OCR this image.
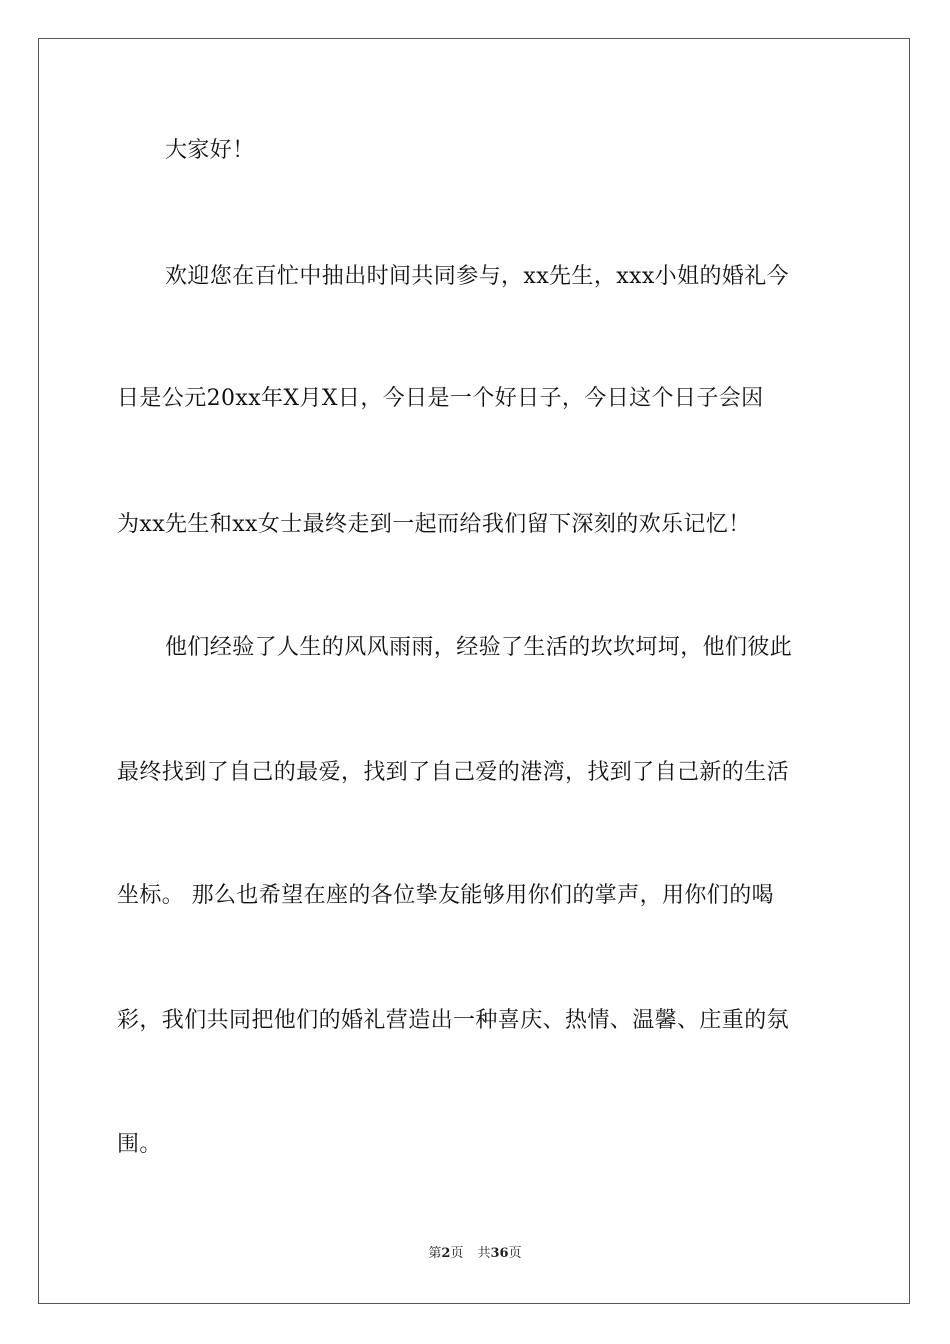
大家好！
欢迎您在百忙中抽出时间共同参与，xx先生，xxx小姐的婚礼今
日是公元20xx年X月X日，今日是一个好日子，今日这个日子会因
为xx先生和xx女士最终走到一起而给我们留下深刻的欢乐记忆！
他们经验了人生的风风雨雨，经验了生活的坎坎坷坷，他们彼此
最终找到了自己的最爱，找到了自己爱的港湾，找到了自己新的生活
坐标。 那么也希望在座的各位挚友能够用你们的掌声，用你们的喝
彩，我们共同把他们的婚礼营造出一种喜庆、热情、温馨、庄重的氛
围。
第2页 共36页
